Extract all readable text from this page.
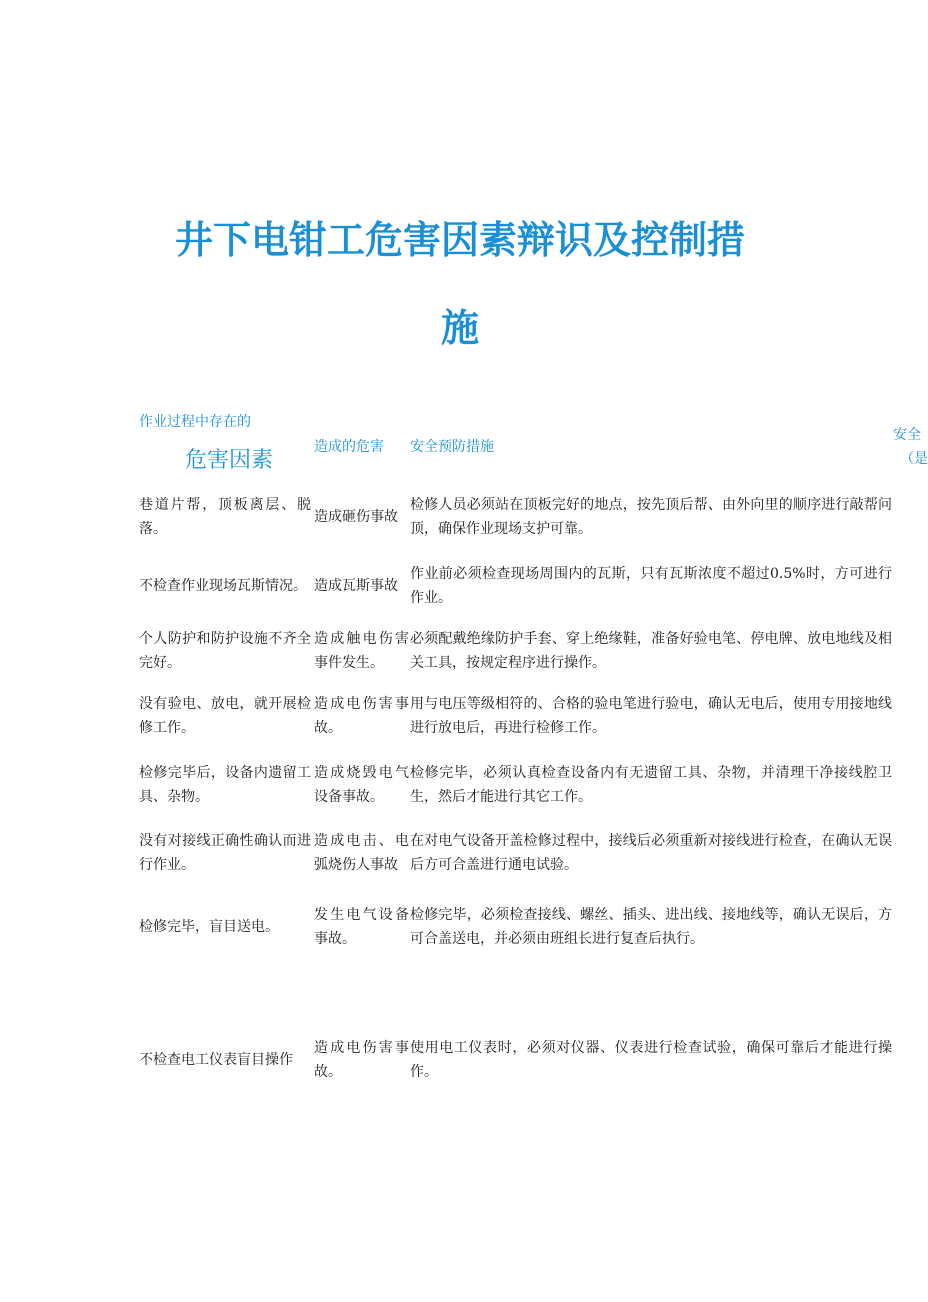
井下电钳工危害因素辩识及控制措
施
作业过程中存在的
危害因素
造成的危害 安全预防措施
安全
（是
巷道片帮，顶板离层、脱落。
造成砸伤事故
检修人员必须站在顶板完好的地点，按先顶后帮、由外向里的顺序进行敲帮问顶，确保作业现场支护可靠。
不检查作业现场瓦斯情况。 造成瓦斯事故
作业前必须检查现场周围内的瓦斯，只有瓦斯浓度不超过0.5%时，方可进行作业。
个人防护和防护设施不齐全完好。
造成触电伤害事件发生。
必须配戴绝缘防护手套、穿上绝缘鞋，准备好验电笔、停电牌、放电地线及相关工具，按规定程序进行操作。
没有验电、放电，就开展检修工作。
造成电伤害事故。
用与电压等级相符的、合格的验电笔进行验电，确认无电后，使用专用接地线进行放电后，再进行检修工作。
检修完毕后，设备内遗留工具、杂物。
造成烧毁电气设备事故。
检修完毕，必须认真检查设备内有无遗留工具、杂物，并清理干净接线腔卫生，然后才能进行其它工作。
没有对接线正确性确认而进行作业。
造成电击、电弧烧伤人事故
在对电气设备开盖检修过程中，接线后必须重新对接线进行检查，在确认无误后方可合盖进行通电试验。
检修完毕，盲目送电。
发生电气设备事故。
检修完毕，必须检查接线、螺丝、插头、进出线、接地线等，确认无误后，方可合盖送电，并必须由班组长进行复查后执行。
不检查电工仪表盲目操作
造成电伤害事故。
使用电工仪表时，必须对仪器、仪表进行检查试验，确保可靠后才能进行操作。
